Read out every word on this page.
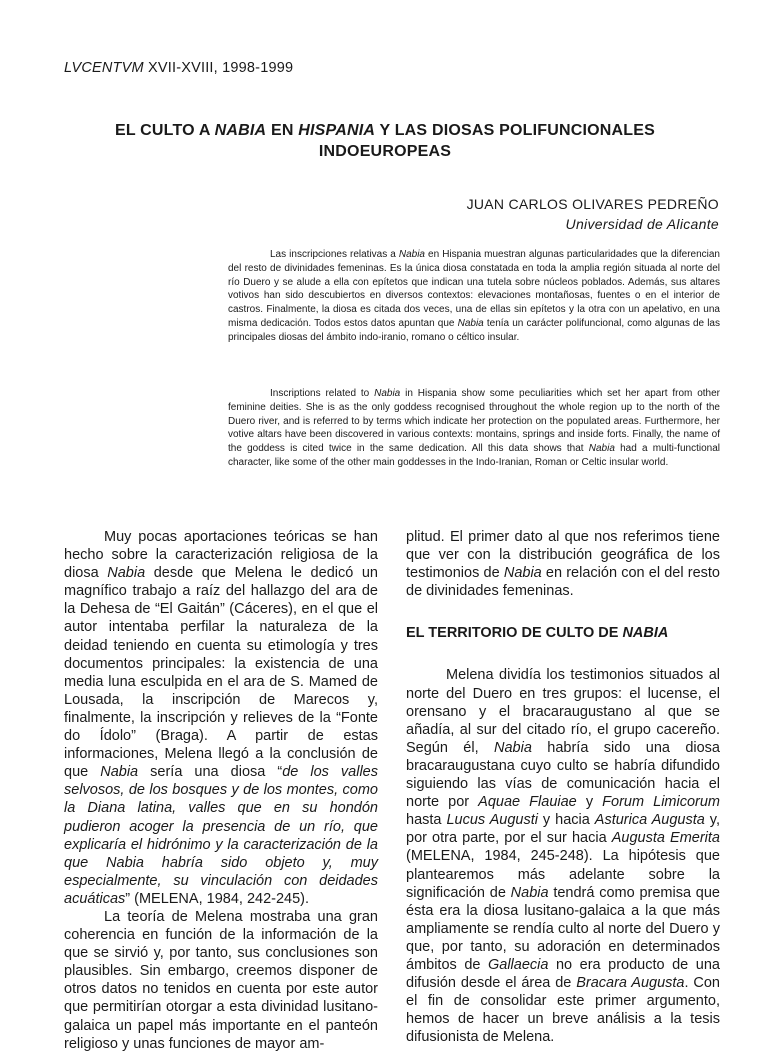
LVCENTVM XVII-XVIII, 1998-1999
EL CULTO A NABIA EN HISPANIA Y LAS DIOSAS POLIFUNCIONALES
INDOEUROPEAS
JUAN CARLOS OLIVARES PEDREÑO
Universidad de Alicante

Las inscripciones relativas a Nabia en Hispania muestran algunas particularidades que la diferencian del resto de divinidades femeninas. Es la única diosa constatada en toda la amplia región situada al norte del río Duero y se alude a ella con epítetos que indican una tutela sobre núcleos poblados. Además, sus altares votivos han sido descubiertos en diversos contextos: elevaciones montañosas, fuentes o en el interior de castros. Finalmente, la diosa es citada dos veces, una de ellas sin epítetos y la otra con un apelativo, en una misma dedicación. Todos estos datos apuntan que Nabia tenía un carácter polifuncional, como algunas de las principales diosas del ámbito indo-iranio, romano o céltico insular.

Inscriptions related to Nabia in Hispania show some peculiarities which set her apart from other feminine deities. She is as the only goddess recognised throughout the whole region up to the north of the Duero river, and is referred to by terms which indicate her protection on the populated areas. Furthermore, her votive altars have been discovered in various contexts: montains, springs and inside forts. Finally, the name of the goddess is cited twice in the same dedication. All this data shows that Nabia had a multi-functional character, like some of the other main goddesses in the Indo-Iranian, Roman or Celtic insular world.

Muy pocas aportaciones teóricas se han hecho sobre la caracterización religiosa de la diosa Nabia desde que Melena le dedicó un magnífico trabajo a raíz del hallazgo del ara de la Dehesa de “El Gaitán” (Cáceres), en el que el autor intentaba perfilar la naturaleza de la deidad teniendo en cuenta su etimología y tres documentos principales: la existencia de una media luna esculpida en el ara de S. Mamed de Lousada, la inscripción de Marecos y, finalmente, la inscripción y relieves de la “Fonte do Ídolo” (Braga). A partir de estas informaciones, Melena llegó a la conclusión de que Nabia sería una diosa “de los valles selvosos, de los bosques y de los montes, como la Diana latina, valles que en su hondón pudieron acoger la presencia de un río, que explicaría el hidrónimo y la caracterización de la que Nabia habría sido objeto y, muy especialmente, su vinculación con deidades acuáticas” (MELENA, 1984, 242-245).

La teoría de Melena mostraba una gran coherencia en función de la información de la que se sirvió y, por tanto, sus conclusiones son plausibles. Sin embargo, creemos disponer de otros datos no tenidos en cuenta por este autor que permitirían otorgar a esta divinidad lusitano-galaica un papel más importante en el panteón religioso y unas funciones de mayor am-

plitud. El primer dato al que nos referimos tiene que ver con la distribución geográfica de los testimonios de Nabia en relación con el del resto de divinidades femeninas.

EL TERRITORIO DE CULTO DE NABIA

Melena dividía los testimonios situados al norte del Duero en tres grupos: el lucense, el orensano y el bracaraugustano al que se añadía, al sur del citado río, el grupo cacereño. Según él, Nabia habría sido una diosa bracaraugustana cuyo culto se habría difundido siguiendo las vías de comunicación hacia el norte por Aquae Flauiae y Forum Limicorum hasta Lucus Augusti y hacia Asturica Augusta y, por otra parte, por el sur hacia Augusta Emerita (MELENA, 1984, 245-248). La hipótesis que plantearemos más adelante sobre la significación de Nabia tendrá como premisa que ésta era la diosa lusitano-galaica a la que más ampliamente se rendía culto al norte del Duero y que, por tanto, su adoración en determinados ámbitos de Gallaecia no era producto de una difusión desde el área de Bracara Augusta. Con el fin de consolidar este primer argumento, hemos de hacer un breve análisis a la tesis difusionista de Melena.
